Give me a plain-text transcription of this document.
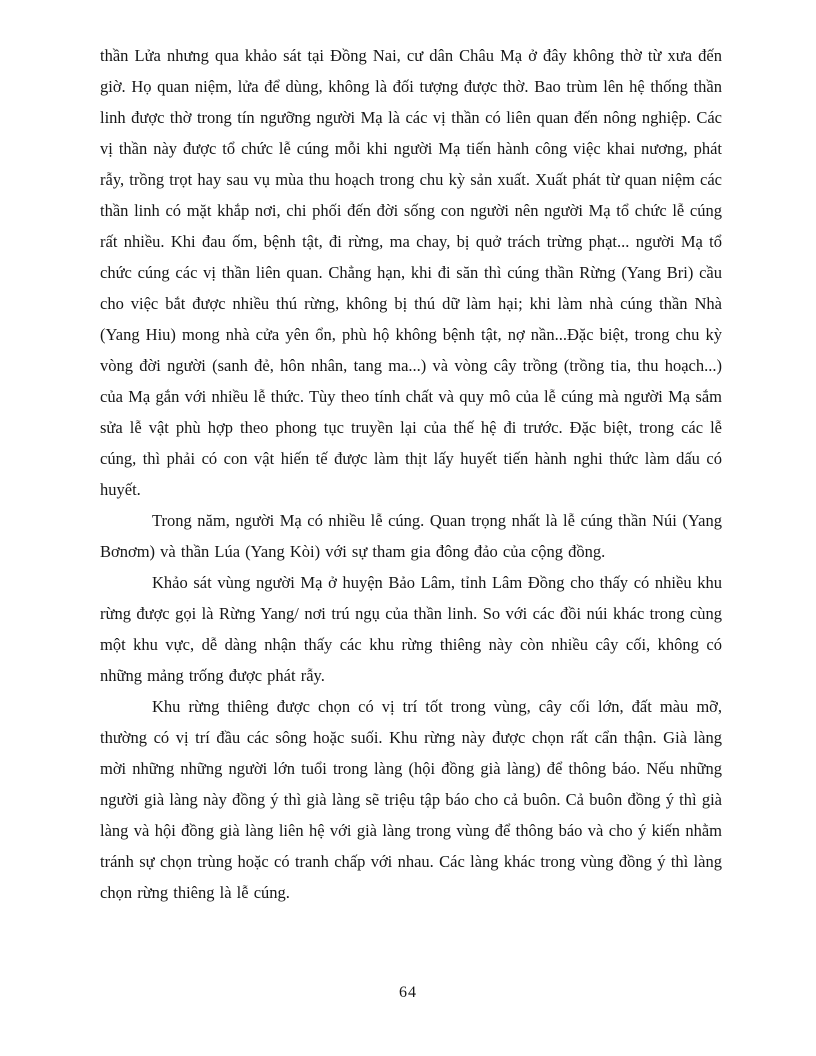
thần Lửa nhưng qua khảo sát tại Đồng Nai, cư dân Châu Mạ ở đây không thờ từ xưa đến giờ. Họ quan niệm, lửa để dùng, không là đối tượng được thờ. Bao trùm lên hệ thống thần linh được thờ trong tín ngưỡng người Mạ là các vị thần có liên quan đến nông nghiệp. Các vị thần này được tổ chức lễ cúng mỗi khi người Mạ tiến hành công việc khai nương, phát rẫy, trồng trọt hay sau vụ mùa thu hoạch trong chu kỳ sản xuất. Xuất phát từ quan niệm các thần linh có mặt khắp nơi, chi phối đến đời sống con người nên người Mạ tổ chức lễ cúng rất nhiều. Khi đau ốm, bệnh tật, đi rừng, ma chay, bị quở trách trừng phạt... người Mạ tổ chức cúng các vị thần liên quan. Chẳng hạn, khi đi săn thì cúng thần Rừng (Yang Bri) cầu cho việc bắt được nhiều thú rừng, không bị thú dữ làm hại; khi làm nhà cúng thần Nhà (Yang Hiu) mong nhà cửa yên ổn, phù hộ không bệnh tật, nợ nần...Đặc biệt, trong chu kỳ vòng đời người (sanh đẻ, hôn nhân, tang ma...) và vòng cây trồng (trồng tia, thu hoạch...) của Mạ gắn với nhiều lễ thức. Tùy theo tính chất và quy mô của lễ cúng mà người Mạ sắm sửa lễ vật phù hợp theo phong tục truyền lại của thế hệ đi trước. Đặc biệt, trong các lễ cúng, thì phải có con vật hiến tế được làm thịt lấy huyết tiến hành nghi thức làm dấu có huyết.

Trong năm, người Mạ có nhiều lễ cúng. Quan trọng nhất là lễ cúng thần Núi (Yang Bơnơm) và thần Lúa (Yang Kòi) với sự tham gia đông đảo của cộng đồng.

Khảo sát vùng người Mạ ở huyện Bảo Lâm, tỉnh Lâm Đồng cho thấy có nhiều khu rừng được gọi là Rừng Yang/ nơi trú ngụ của thần linh. So với các đồi núi khác trong cùng một khu vực, dễ dàng nhận thấy các khu rừng thiêng này còn nhiều cây cối, không có những mảng trống được phát rẫy.

Khu rừng thiêng được chọn có vị trí tốt trong vùng, cây cối lớn, đất màu mỡ, thường có vị trí đầu các sông hoặc suối. Khu rừng này được chọn rất cẩn thận. Già làng mời những những người lớn tuổi trong làng (hội đồng già làng) để thông báo. Nếu những người già làng này đồng ý thì già làng sẽ triệu tập báo cho cả buôn. Cả buôn đồng ý thì già làng và hội đồng già làng liên hệ với già làng trong vùng để thông báo và cho ý kiến nhằm tránh sự chọn trùng hoặc có tranh chấp với nhau. Các làng khác trong vùng đồng ý thì làng chọn rừng thiêng là lễ cúng.

64
